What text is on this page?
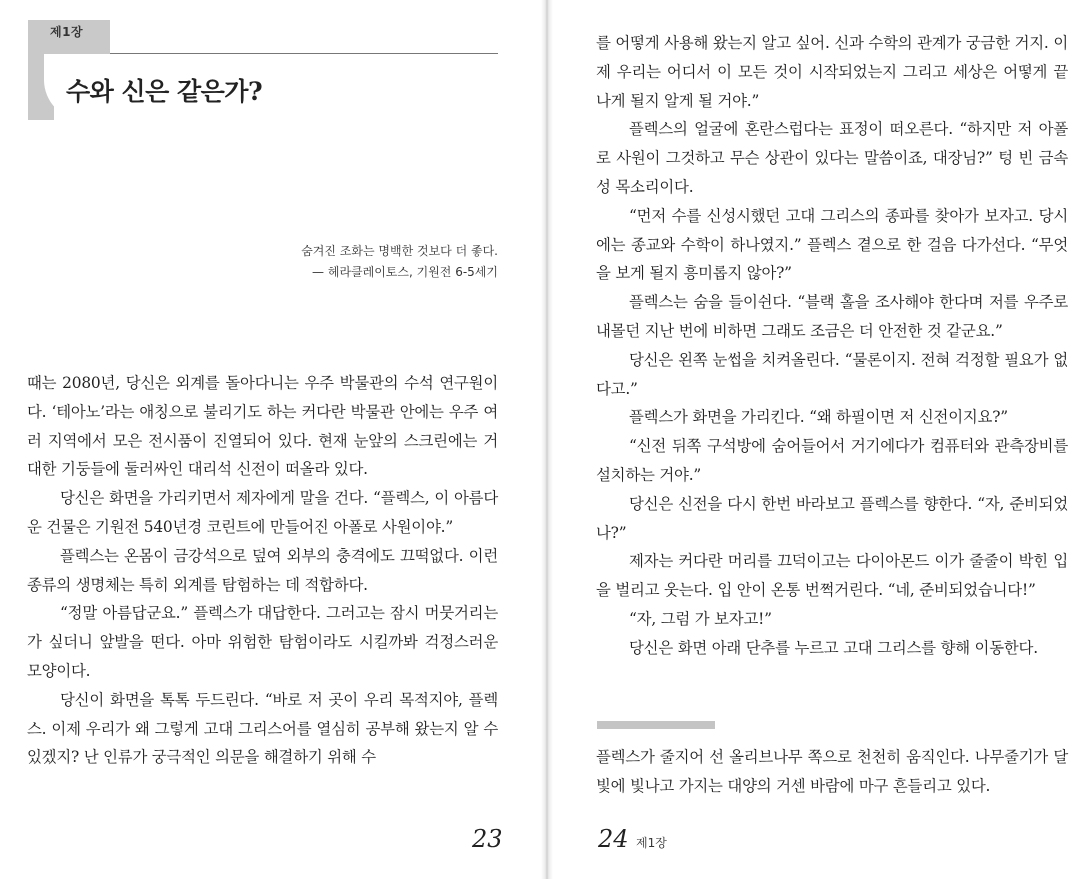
제1장
수와 신은 같은가?
숨겨진 조화는 명백한 것보다 더 좋다.
— 헤라클레이토스, 기원전 6-5세기

때는 2080년, 당신은 외계를 돌아다니는 우주 박물관의 수석 연구원이다. ‘테아노’라는 애칭으로 불리기도 하는 커다란 박물관 안에는 우주 여러 지역에서 모은 전시품이 진열되어 있다. 현재 눈앞의 스크린에는 거대한 기둥들에 둘러싸인 대리석 신전이 떠올라 있다.

당신은 화면을 가리키면서 제자에게 말을 건다. “플렉스, 이 아름다운 건물은 기원전 540년경 코린트에 만들어진 아폴로 사원이야.”

플렉스는 온몸이 금강석으로 덮여 외부의 충격에도 끄떡없다. 이런 종류의 생명체는 특히 외계를 탐험하는 데 적합하다.

“정말 아름답군요.” 플렉스가 대답한다. 그러고는 잠시 머뭇거리는가 싶더니 앞발을 떤다. 아마 위험한 탐험이라도 시킬까봐 걱정스러운 모양이다.

당신이 화면을 톡톡 두드린다. “바로 저 곳이 우리 목적지야, 플렉스. 이제 우리가 왜 그렇게 고대 그리스어를 열심히 공부해 왔는지 알 수 있겠지? 난 인류가 궁극적인 의문을 해결하기 위해 수

23

를 어떻게 사용해 왔는지 알고 싶어. 신과 수학의 관계가 궁금한 거지. 이제 우리는 어디서 이 모든 것이 시작되었는지 그리고 세상은 어떻게 끝나게 될지 알게 될 거야.”

플렉스의 얼굴에 혼란스럽다는 표정이 떠오른다. “하지만 저 아폴로 사원이 그것하고 무슨 상관이 있다는 말씀이죠, 대장님?” 텅 빈 금속성 목소리이다.

“먼저 수를 신성시했던 고대 그리스의 종파를 찾아가 보자고. 당시에는 종교와 수학이 하나였지.” 플렉스 곁으로 한 걸음 다가선다. “무엇을 보게 될지 흥미롭지 않아?”

플렉스는 숨을 들이쉰다. “블랙 홀을 조사해야 한다며 저를 우주로 내몰던 지난 번에 비하면 그래도 조금은 더 안전한 것 같군요.”

당신은 왼쪽 눈썹을 치켜올린다. “물론이지. 전혀 걱정할 필요가 없다고.”

플렉스가 화면을 가리킨다. “왜 하필이면 저 신전이지요?”

“신전 뒤쪽 구석방에 숨어들어서 거기에다가 컴퓨터와 관측장비를 설치하는 거야.”

당신은 신전을 다시 한번 바라보고 플렉스를 향한다. “자, 준비되었나?”

제자는 커다란 머리를 끄덕이고는 다이아몬드 이가 줄줄이 박힌 입을 벌리고 웃는다. 입 안이 온통 번쩍거린다. “네, 준비되었습니다!”

“자, 그럼 가 보자고!”

당신은 화면 아래 단추를 누르고 고대 그리스를 향해 이동한다.

플렉스가 줄지어 선 올리브나무 쪽으로 천천히 움직인다. 나무줄기가 달빛에 빛나고 가지는 대양의 거센 바람에 마구 흔들리고 있다.

24 제1장
